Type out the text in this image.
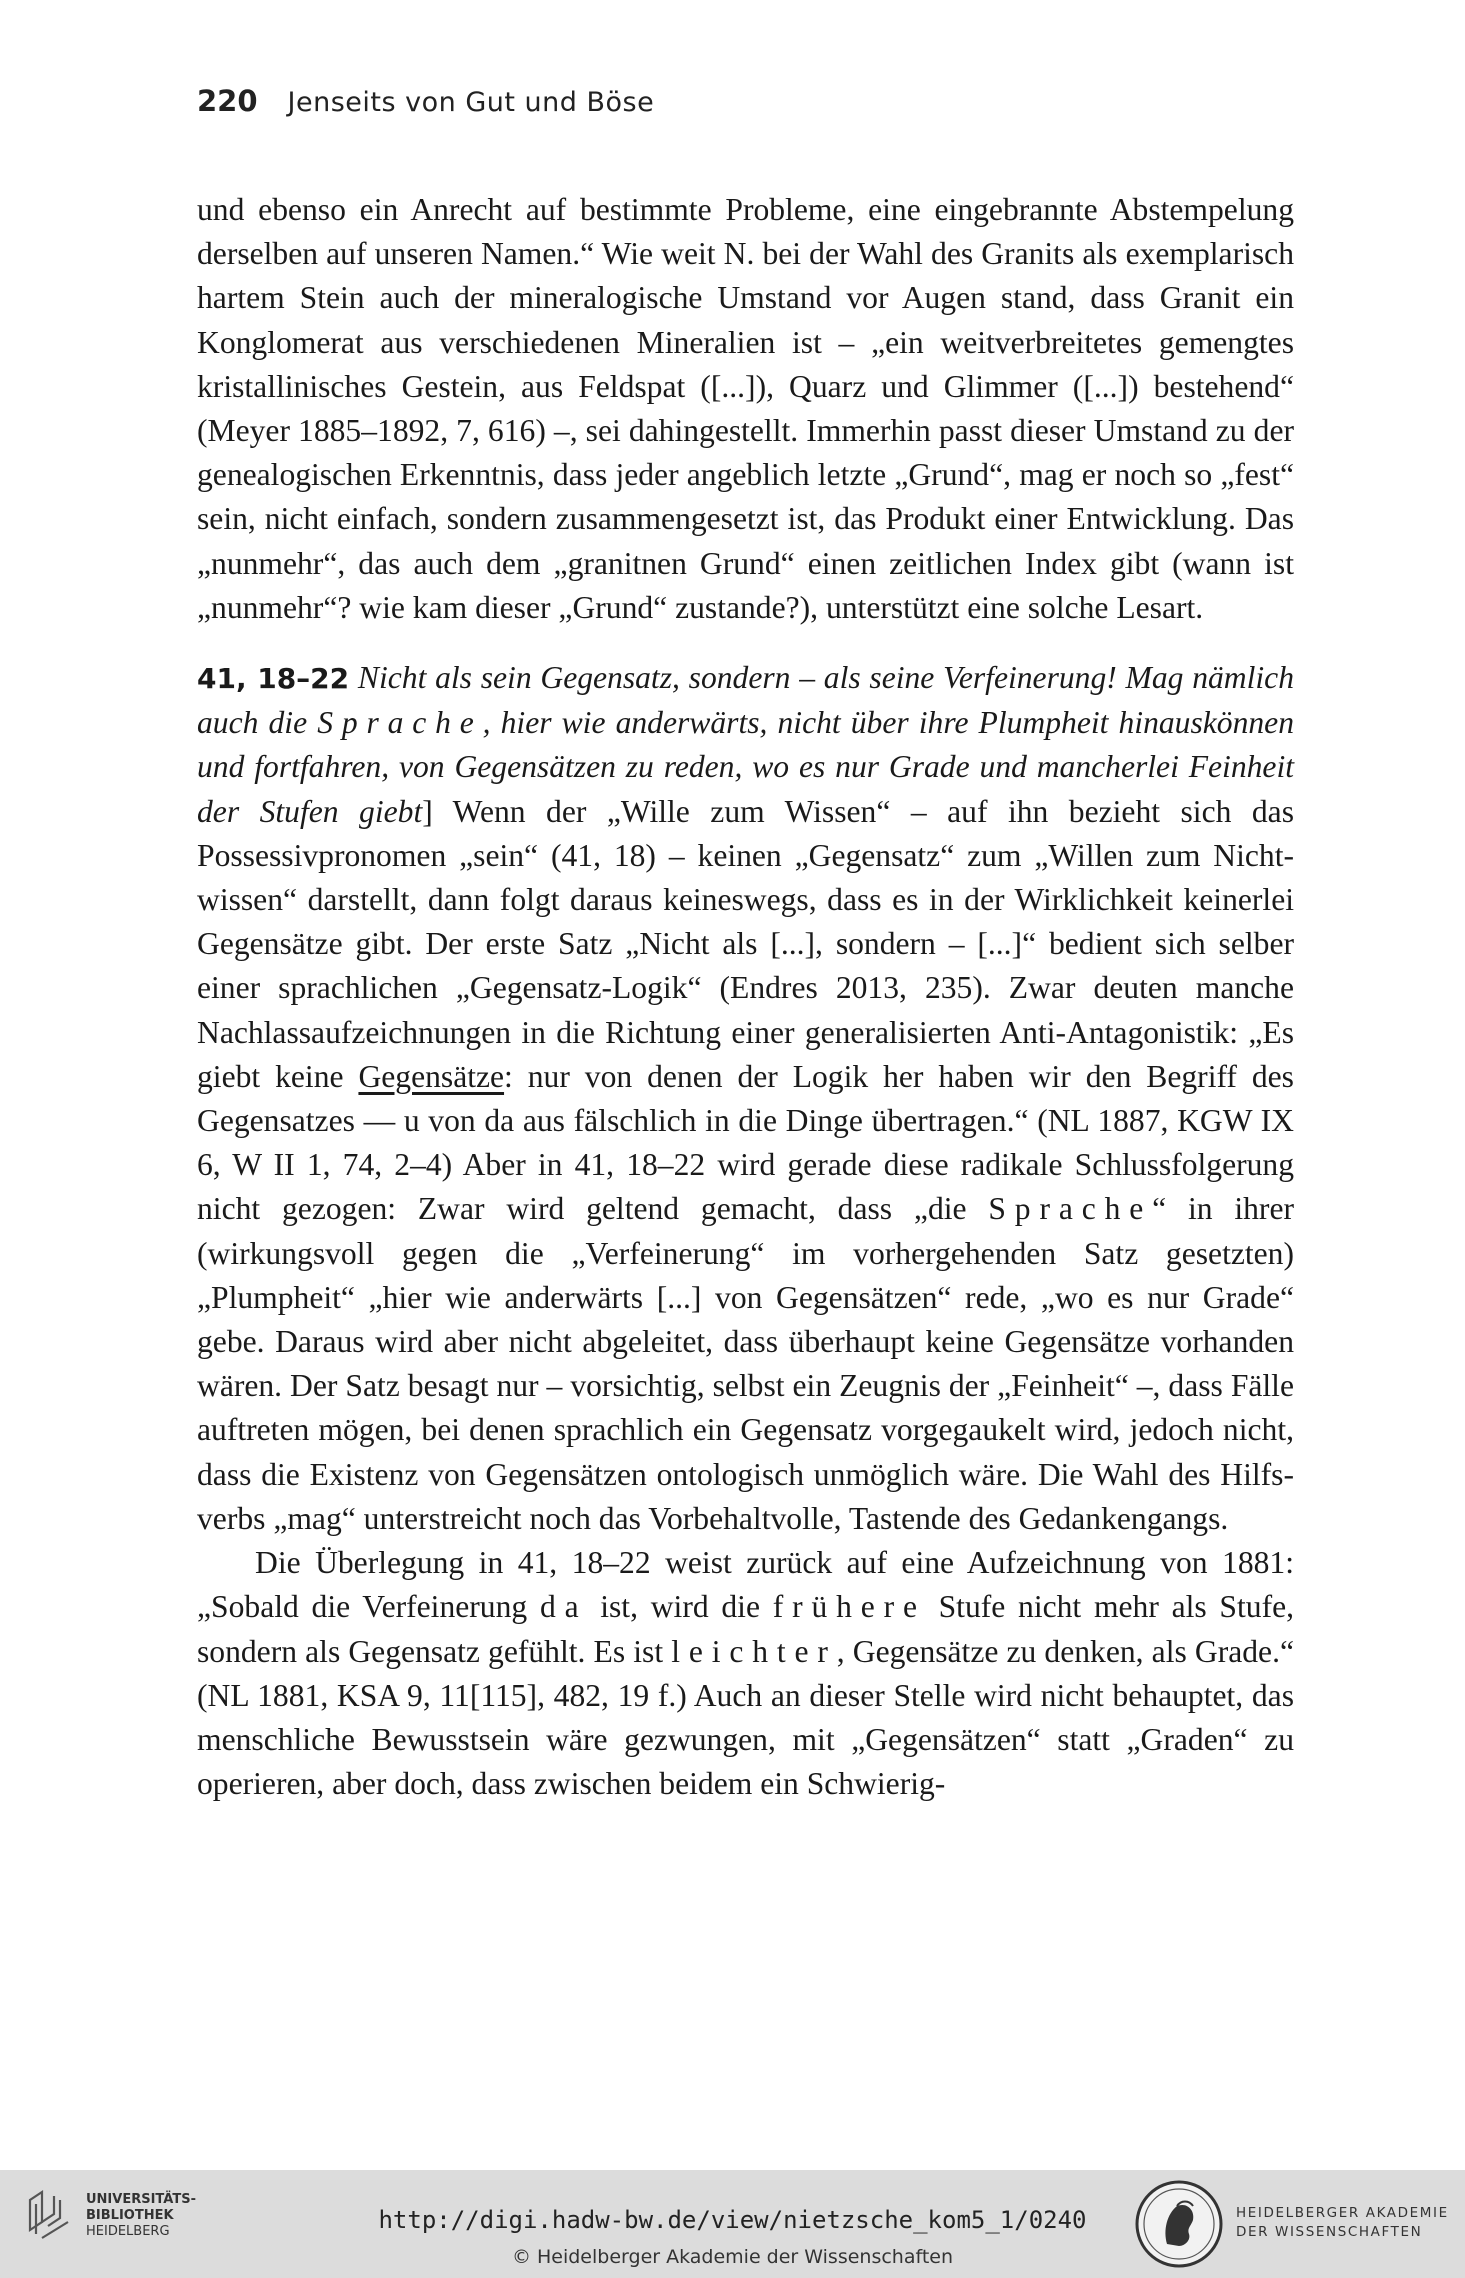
220 Jenseits von Gut und Böse

und ebenso ein Anrecht auf bestimmte Probleme, eine eingebrannte Abstempelung derselben auf unseren Namen.“ Wie weit N. bei der Wahl des Granits als exemplarisch hartem Stein auch der mineralogische Umstand vor Augen stand, dass Granit ein Konglomerat aus verschiedenen Mineralien ist – „ein weitverbreitetes gemengtes kristallinisches Gestein, aus Feldspat ([...]), Quarz und Glimmer ([...]) bestehend“ (Meyer 1885–1892, 7, 616) –, sei dahingestellt. Immerhin passt dieser Umstand zu der genealogischen Erkenntnis, dass jeder angeblich letzte „Grund“, mag er noch so „fest“ sein, nicht einfach, sondern zusammengesetzt ist, das Produkt einer Entwicklung. Das „nunmehr“, das auch dem „granitnen Grund“ einen zeitlichen Index gibt (wann ist „nunmehr“? wie kam dieser „Grund“ zustande?), unterstützt eine solche Lesart.

41, 18–22 Nicht als sein Gegensatz, sondern – als seine Verfeinerung! Mag nämlich auch die Sprache, hier wie anderwärts, nicht über ihre Plumpheit hinauskönnen und fortfahren, von Gegensätzen zu reden, wo es nur Grade und mancherlei Feinheit der Stufen giebt] Wenn der „Wille zum Wissen“ – auf ihn bezieht sich das Possessivpronomen „sein“ (41, 18) – keinen „Gegensatz“ zum „Willen zum Nicht-wissen“ darstellt, dann folgt daraus keineswegs, dass es in der Wirklichkeit keinerlei Gegensätze gibt. Der erste Satz „Nicht als [...], sondern – [...]“ bedient sich selber einer sprachlichen „Gegensatz-Logik“ (Endres 2013, 235). Zwar deuten manche Nachlassaufzeichnungen in die Richtung einer generalisierten Anti-Antagonistik: „Es giebt keine Gegensätze: nur von denen der Logik her haben wir den Begriff des Gegensatzes — u von da aus fälschlich in die Dinge übertragen.“ (NL 1887, KGW IX 6, W II 1, 74, 2–4) Aber in 41, 18–22 wird gerade diese radikale Schlussfolgerung nicht gezogen: Zwar wird geltend gemacht, dass „die Sprache“ in ihrer (wirkungsvoll gegen die „Verfeinerung“ im vorhergehenden Satz gesetzten) „Plumpheit“ „hier wie anderwärts [...] von Gegensätzen“ rede, „wo es nur Grade“ gebe. Daraus wird aber nicht abgeleitet, dass überhaupt keine Gegensätze vorhanden wären. Der Satz besagt nur – vorsichtig, selbst ein Zeugnis der „Feinheit“ –, dass Fälle auftreten mögen, bei denen sprachlich ein Gegensatz vorgegaukelt wird, jedoch nicht, dass die Existenz von Gegensätzen ontologisch unmöglich wäre. Die Wahl des Hilfsverbs „mag“ unterstreicht noch das Vorbehaltvolle, Tastende des Gedankengangs.

Die Überlegung in 41, 18–22 weist zurück auf eine Aufzeichnung von 1881: „Sobald die Verfeinerung da ist, wird die frühere Stufe nicht mehr als Stufe, sondern als Gegensatz gefühlt. Es ist leichter, Gegensätze zu denken, als Grade.“ (NL 1881, KSA 9, 11[115], 482, 19 f.) Auch an dieser Stelle wird nicht behauptet, das menschliche Bewusstsein wäre gezwungen, mit „Gegensätzen“ statt „Graden“ zu operieren, aber doch, dass zwischen beidem ein Schwierig-

UNIVERSITÄTS-
BIBLIOTHEK
HEIDELBERG	http://digi.hadw-bw.de/view/nietzsche_kom5_1/0240
© Heidelberger Akademie der Wissenschaften
HEIDELBERGER AKADEMIE
DER WISSENSCHAFTEN
